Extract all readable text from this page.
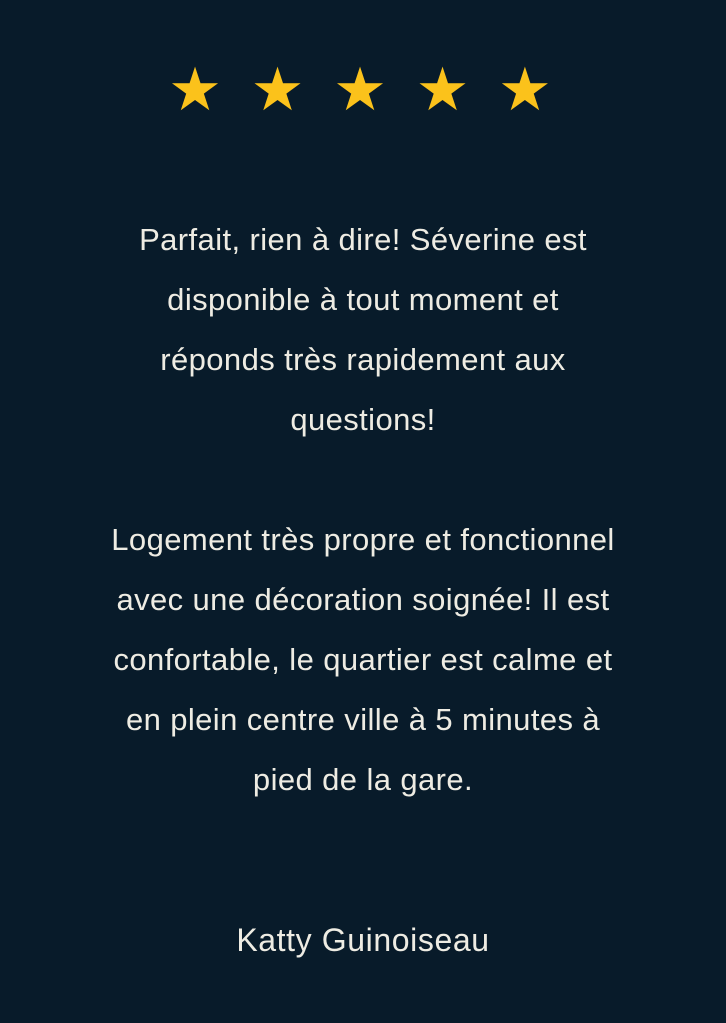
★ ★ ★ ★ ★
Parfait, rien à dire! Séverine est
disponible à tout moment et
réponds très rapidement aux
questions!
Logement très propre et fonctionnel
avec une décoration soignée! Il est
confortable, le quartier est calme et
en plein centre ville à 5 minutes à
pied de la gare.
Katty Guinoiseau
